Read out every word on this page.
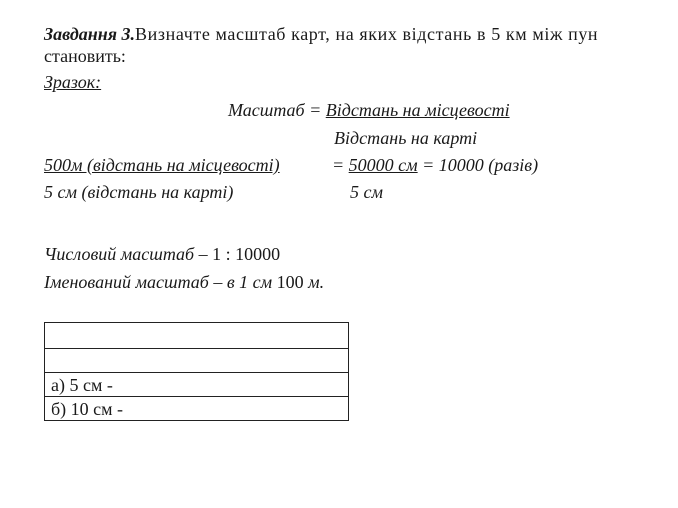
Завдання 3.Визначте масштаб карт, на яких відстань в 5 км між пун
становить:
Зразок:
Масштаб = Відстань на місцевості
Відстань на карті
500м (відстань на місцевості)	= 50000 см = 10000 (разів)
5 см (відстань на карті)	5 см
Числовий масштаб – 1 : 10000
Іменований масштаб – в 1 см 100 м.
а) 5 см -
б) 10 см -
